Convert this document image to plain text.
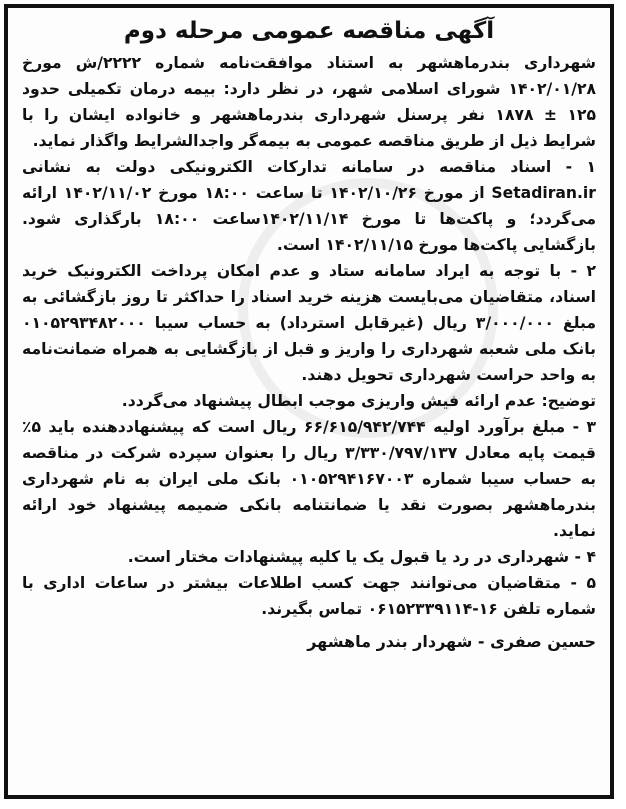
آگهی مناقصه عمومی مرحله دوم

شهرداری بندرماهشهر به استناد موافقت‌نامه شماره ۲۲۲۲/ش مورخ ۱۴۰۲/۰۱/۲۸ شورای اسلامی شهر، در نظر دارد: بیمه درمان تکمیلی حدود ۱۲۵ ± ۱۸۷۸ نفر پرسنل شهرداری بندرماهشهر و خانواده ایشان را با شرایط ذیل از طریق مناقصه عمومی به بیمه‌گر واجدالشرایط واگذار نماید.

۱ - اسناد مناقصه در سامانه تدارکات الکترونیکی دولت به نشانی Setadiran.ir از مورخ ۱۴۰۲/۱۰/۲۶ تا ساعت ۱۸:۰۰ مورخ ۱۴۰۲/۱۱/۰۲ ارائه می‌گردد؛ و پاکت‌ها تا مورخ ۱۴۰۲/۱۱/۱۴ساعت ۱۸:۰۰ بارگذاری شود. بازگشایی پاکت‌ها مورخ ۱۴۰۲/۱۱/۱۵ است.

۲ - با توجه به ایراد سامانه ستاد و عدم امکان پرداخت الکترونیک خرید اسناد، متقاضیان می‌بایست هزینه خرید اسناد را حداکثر تا روز بازگشائی به مبلغ ۳/۰۰۰/۰۰۰ ریال (غیرقابل استرداد) به حساب سیبا ۰۱۰۵۲۹۳۴۸۲۰۰۰ بانک ملی شعبه شهرداری را واریز و قبل از بازگشایی به همراه ضمانت‌نامه به واحد حراست شهرداری تحویل دهند.

توضیح: عدم ارائه فیش واریزی موجب ابطال پیشنهاد می‌گردد.

۳ - مبلغ برآورد اولیه ۶۶/۶۱۵/۹۴۲/۷۴۴ ریال است که پیشنهاددهنده باید ۵٪ قیمت پایه معادل ۳/۳۳۰/۷۹۷/۱۳۷ ریال را بعنوان سپرده شرکت در مناقصه به حساب سیبا شماره ۰۱۰۵۲۹۴۱۶۷۰۰۳ بانک ملی ایران به نام شهرداری بندرماهشهر بصورت نقد یا ضمانتنامه بانکی ضمیمه پیشنهاد خود ارائه نماید.

۴ - شهرداری در رد یا قبول یک یا کلیه پیشنهادات مختار است.

۵ - متقاضیان می‌توانند جهت کسب اطلاعات بیشتر در ساعات اداری با شماره تلفن ۱۶-۰۶۱۵۲۳۳۹۱۱۴ تماس بگیرند.

حسین صفری - شهردار بندر ماهشهر
